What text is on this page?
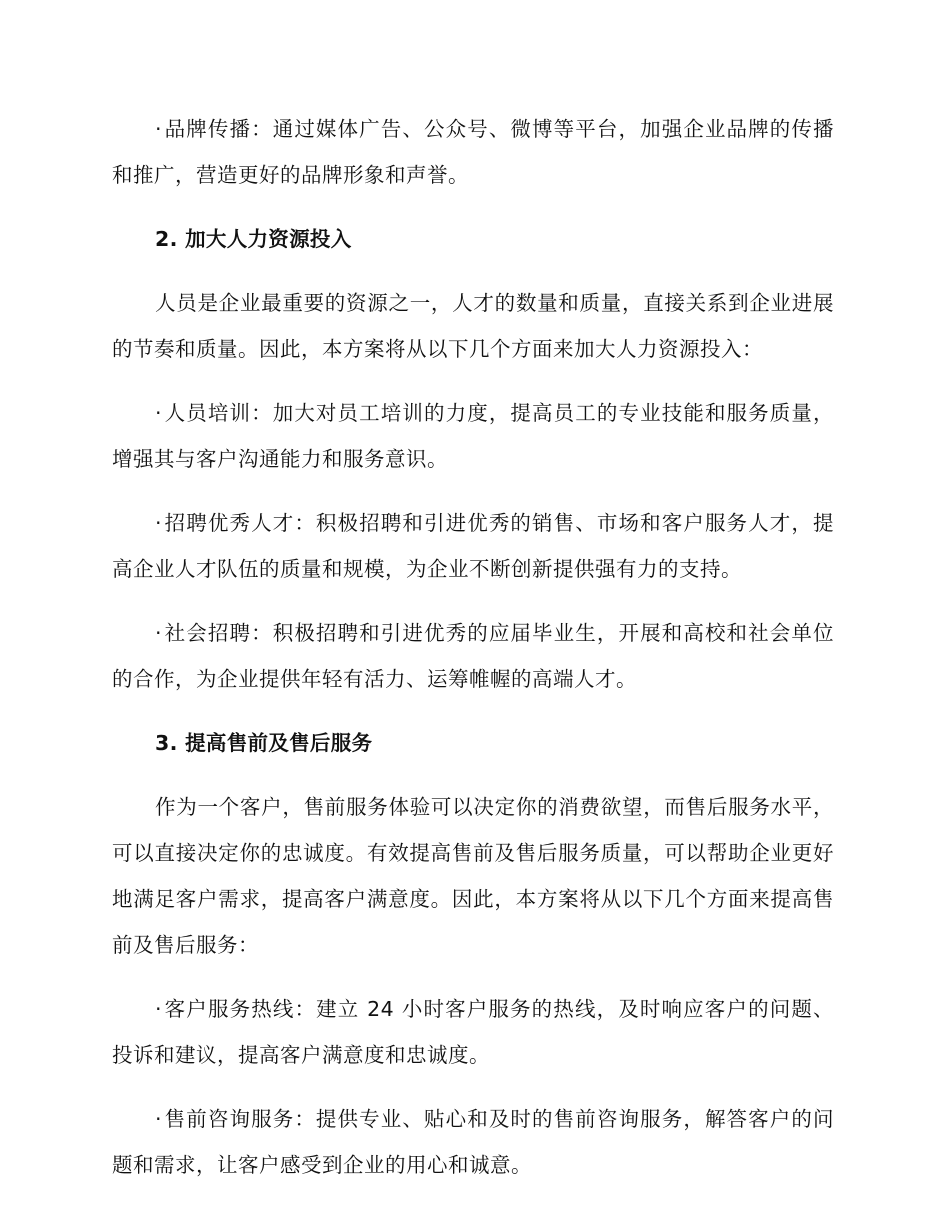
·品牌传播：通过媒体广告、公众号、微博等平台，加强企业品牌的传播和推广，营造更好的品牌形象和声誉。

2. 加大人力资源投入

人员是企业最重要的资源之一，人才的数量和质量，直接关系到企业进展的节奏和质量。因此，本方案将从以下几个方面来加大人力资源投入：

·人员培训：加大对员工培训的力度，提高员工的专业技能和服务质量，增强其与客户沟通能力和服务意识。

·招聘优秀人才：积极招聘和引进优秀的销售、市场和客户服务人才，提高企业人才队伍的质量和规模，为企业不断创新提供强有力的支持。

·社会招聘：积极招聘和引进优秀的应届毕业生，开展和高校和社会单位的合作，为企业提供年轻有活力、运筹帷幄的高端人才。

3. 提高售前及售后服务

作为一个客户，售前服务体验可以决定你的消费欲望，而售后服务水平，可以直接决定你的忠诚度。有效提高售前及售后服务质量，可以帮助企业更好地满足客户需求，提高客户满意度。因此，本方案将从以下几个方面来提高售前及售后服务：

·客户服务热线：建立 24 小时客户服务的热线，及时响应客户的问题、投诉和建议，提高客户满意度和忠诚度。

·售前咨询服务：提供专业、贴心和及时的售前咨询服务，解答客户的问题和需求，让客户感受到企业的用心和诚意。
